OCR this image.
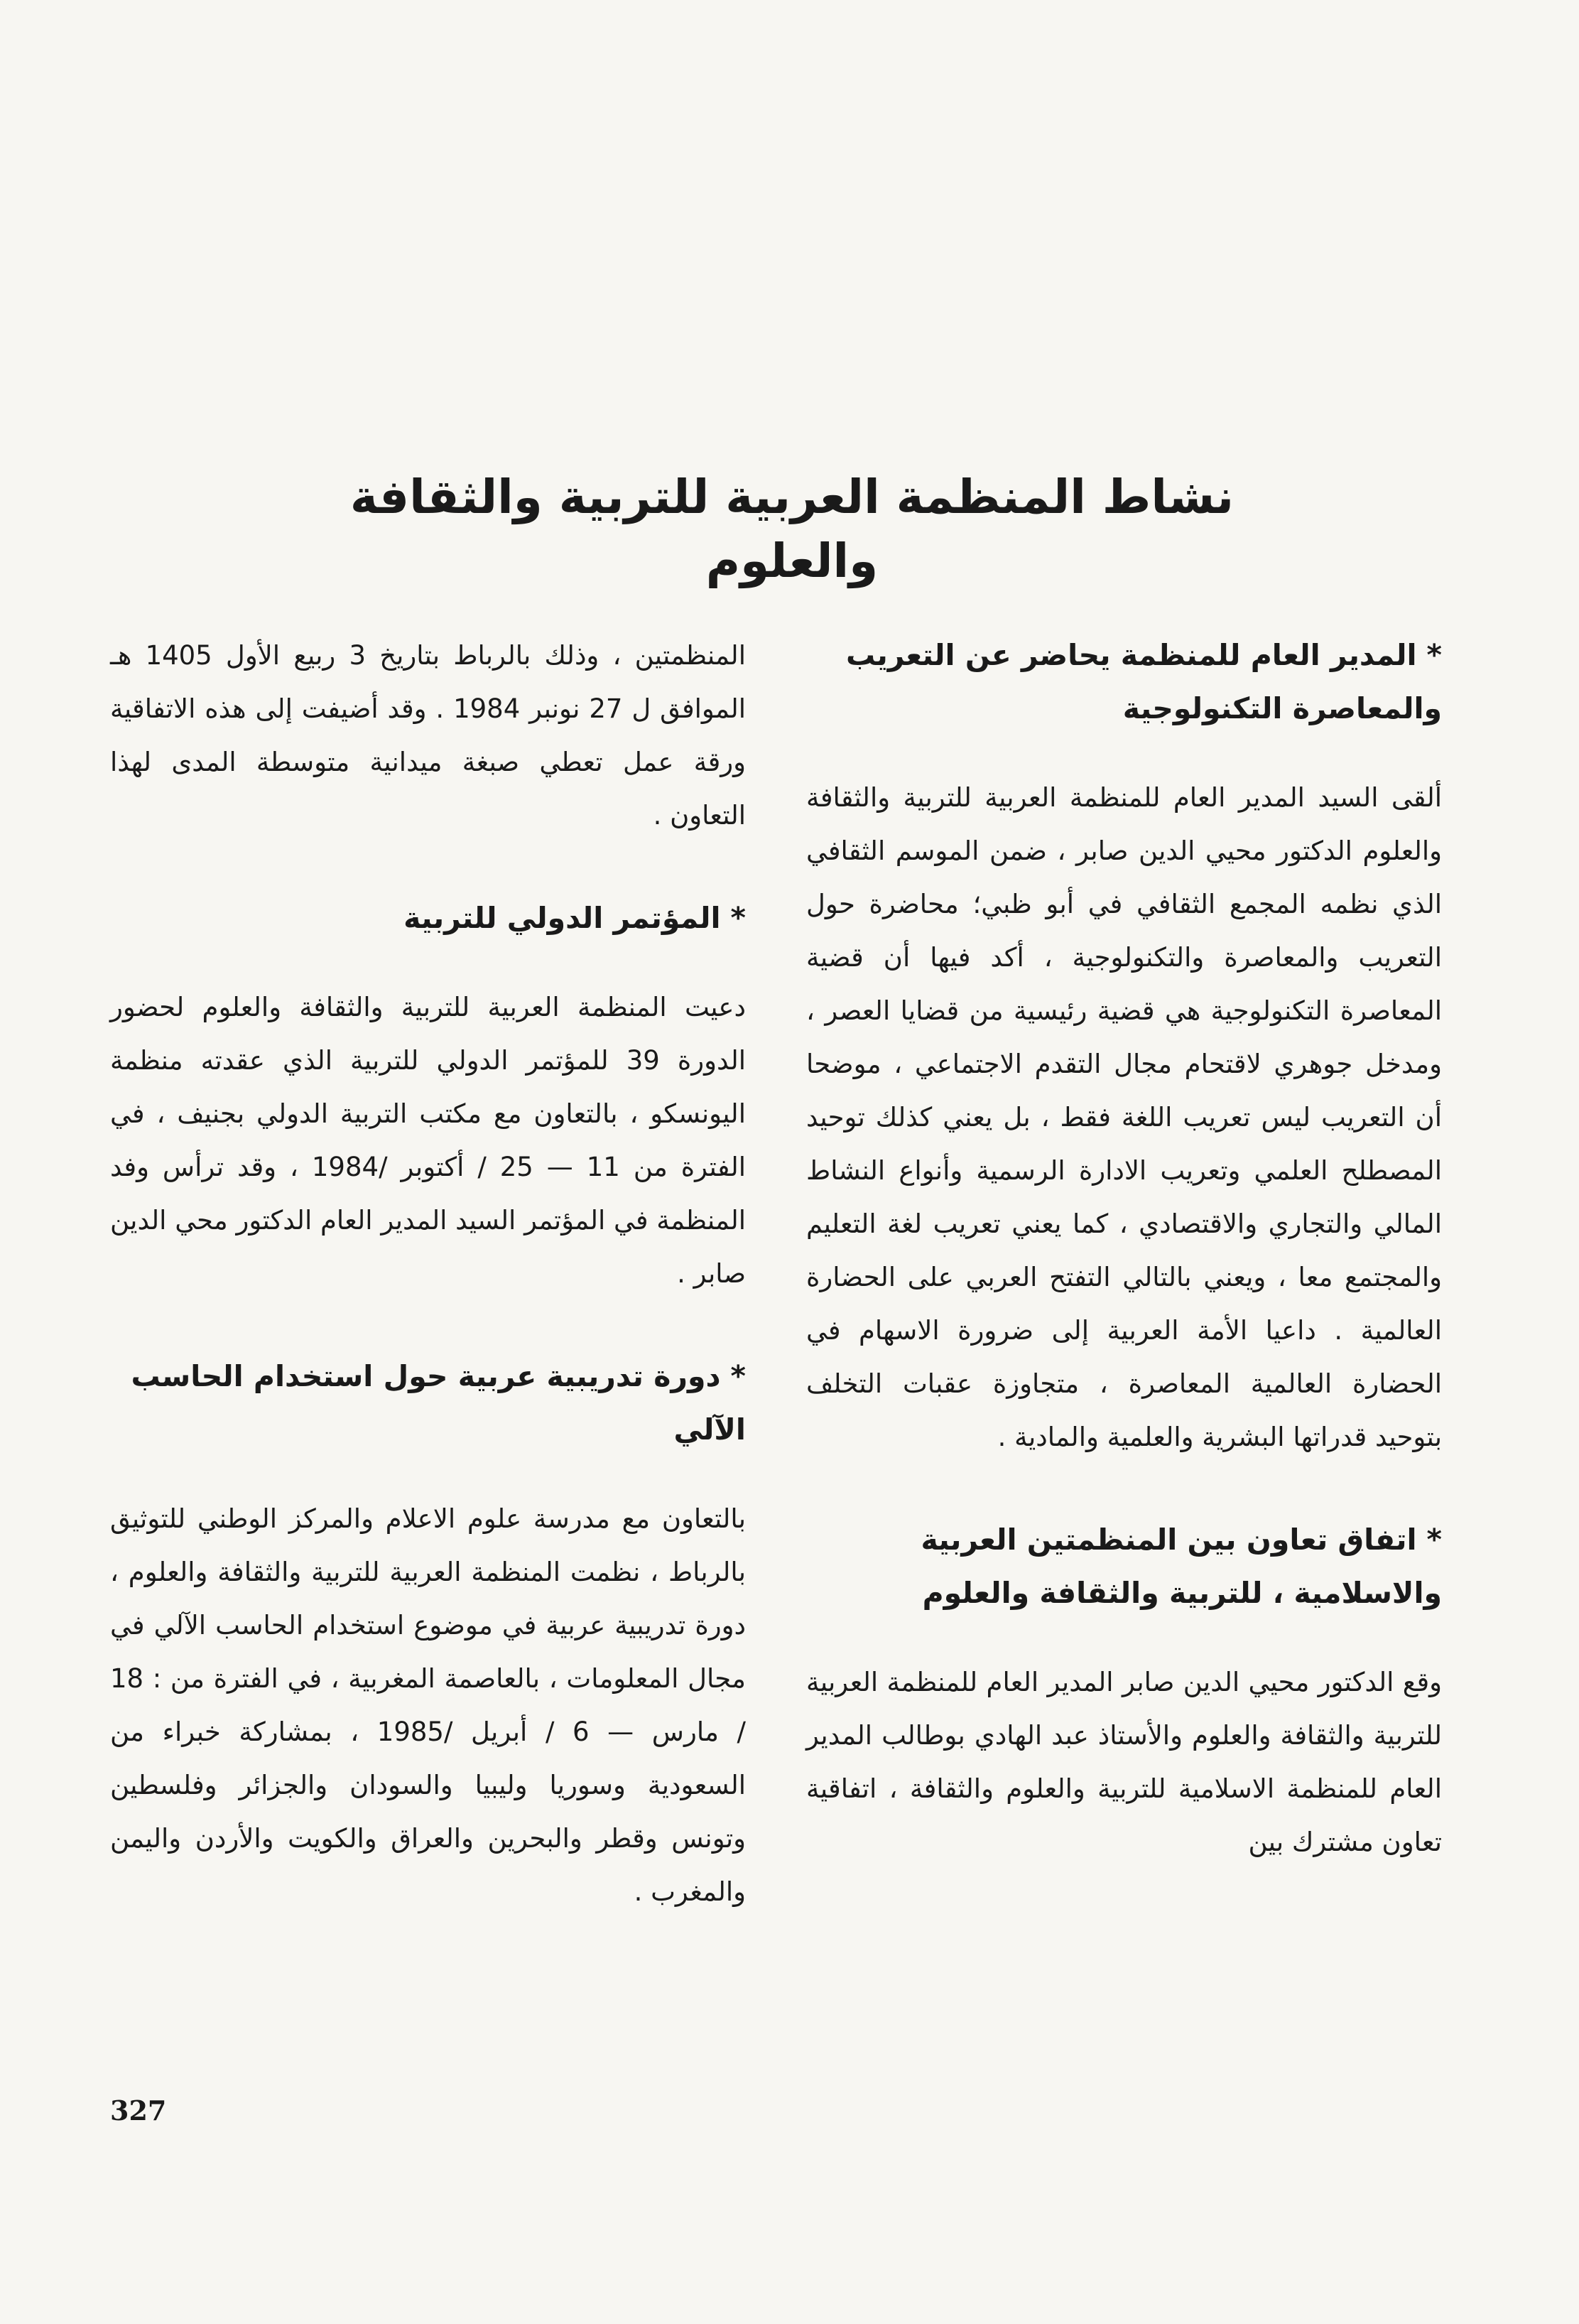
نشاط المنظمة العربية للتربية والثقافة والعلوم
*المدير العام للمنظمة يحاضر عن التعريب والمعاصرة التكنولوجية

ألقى السيد المدير العام للمنظمة العربية للتربية والثقافة والعلوم الدكتور محيي الدين صابر ، ضمن الموسم الثقافي الذي نظمه المجمع الثقافي في أبو ظبي؛ محاضرة حول التعريب والمعاصرة والتكنولوجية ، أكد فيها أن قضية المعاصرة التكنولوجية هي قضية رئيسية من قضايا العصر ، ومدخل جوهري لاقتحام مجال التقدم الاجتماعي ، موضحا أن التعريب ليس تعريب اللغة فقط ، بل يعني كذلك توحيد المصطلح العلمي وتعريب الادارة الرسمية وأنواع النشاط المالي والتجاري والاقتصادي ، كما يعني تعريب لغة التعليم والمجتمع معا ، ويعني بالتالي التفتح العربي على الحضارة العالمية . داعيا الأمة العربية إلى ضرورة الاسهام في الحضارة العالمية المعاصرة ، متجاوزة عقبات التخلف بتوحيد قدراتها البشرية والعلمية والمادية .

*اتفاق تعاون بين المنظمتين العربية والاسلامية ، للتربية والثقافة والعلوم

وقع الدكتور محيي الدين صابر المدير العام للمنظمة العربية للتربية والثقافة والعلوم والأستاذ عبد الهادي بوطالب المدير العام للمنظمة الاسلامية للتربية والعلوم والثقافة ، اتفاقية تعاون مشترك بين

المنظمتين ، وذلك بالرباط بتاريخ 3 ربيع الأول 1405 هـ الموافق ل 27 نونبر 1984 . وقد أضيفت إلى هذه الاتفاقية ورقة عمل تعطي صبغة ميدانية متوسطة المدى لهذا التعاون .

*المؤتمر الدولي للتربية

دعيت المنظمة العربية للتربية والثقافة والعلوم لحضور الدورة 39 للمؤتمر الدولي للتربية الذي عقدته منظمة اليونسكو ، بالتعاون مع مكتب التربية الدولي بجنيف ، في الفترة من 11 — 25 / أكتوبر /1984 ، وقد ترأس وفد المنظمة في المؤتمر السيد المدير العام الدكتور محي الدين صابر .

*دورة تدريبية عربية حول استخدام الحاسب الآلي

بالتعاون مع مدرسة علوم الاعلام والمركز الوطني للتوثيق بالرباط ، نظمت المنظمة العربية للتربية والثقافة والعلوم ، دورة تدريبية عربية في موضوع استخدام الحاسب الآلي في مجال المعلومات ، بالعاصمة المغربية ، في الفترة من : 18 / مارس — 6 / أبريل /1985 ، بمشاركة خبراء من السعودية وسوريا وليبيا والسودان والجزائر وفلسطين وتونس وقطر والبحرين والعراق والكويت والأردن واليمن والمغرب .

327
